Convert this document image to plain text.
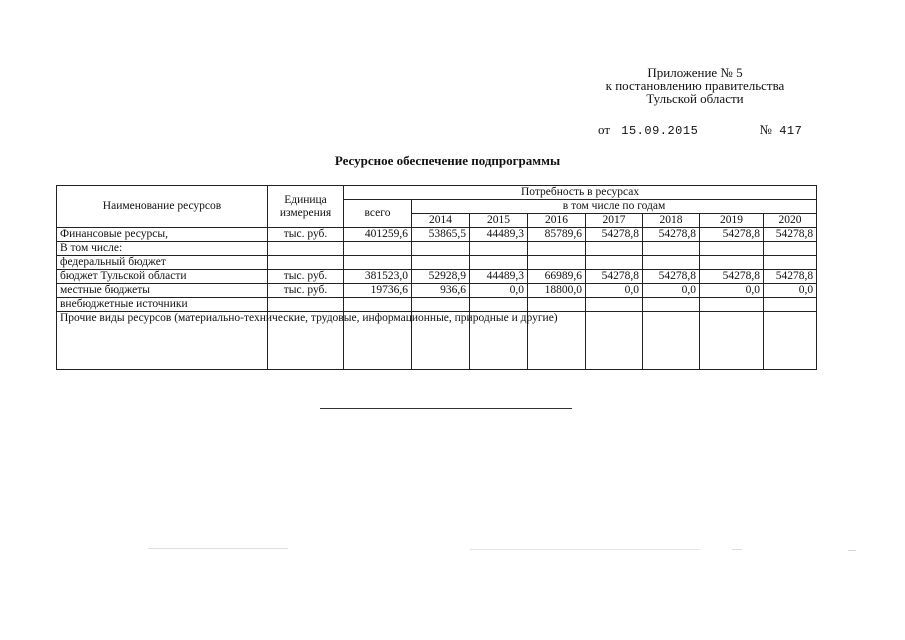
Приложение № 5
к постановлению правительства
Тульской области
от 15.09.2015	№ 417
Ресурсное обеспечение подпрограммы
Наименование ресурсов	Единица измерения	Потребность в ресурсах							
		всего	в том числе по годам						
			2014	2015	2016	2017	2018	2019	2020
Финансовые ресурсы,	тыс. руб.	401259,6	53865,5	44489,3	85789,6	54278,8	54278,8	54278,8	54278,8
В том числе:									
федеральный бюджет									
бюджет Тульской области	тыс. руб.	381523,0	52928,9	44489,3	66989,6	54278,8	54278,8	54278,8	54278,8
местные бюджеты	тыс. руб.	19736,6	936,6	0,0	18800,0	0,0	0,0	0,0	0,0
внебюджетные источники									
Прочие виды ресурсов (материально-технические, трудовые, информационные, природные и другие)									
